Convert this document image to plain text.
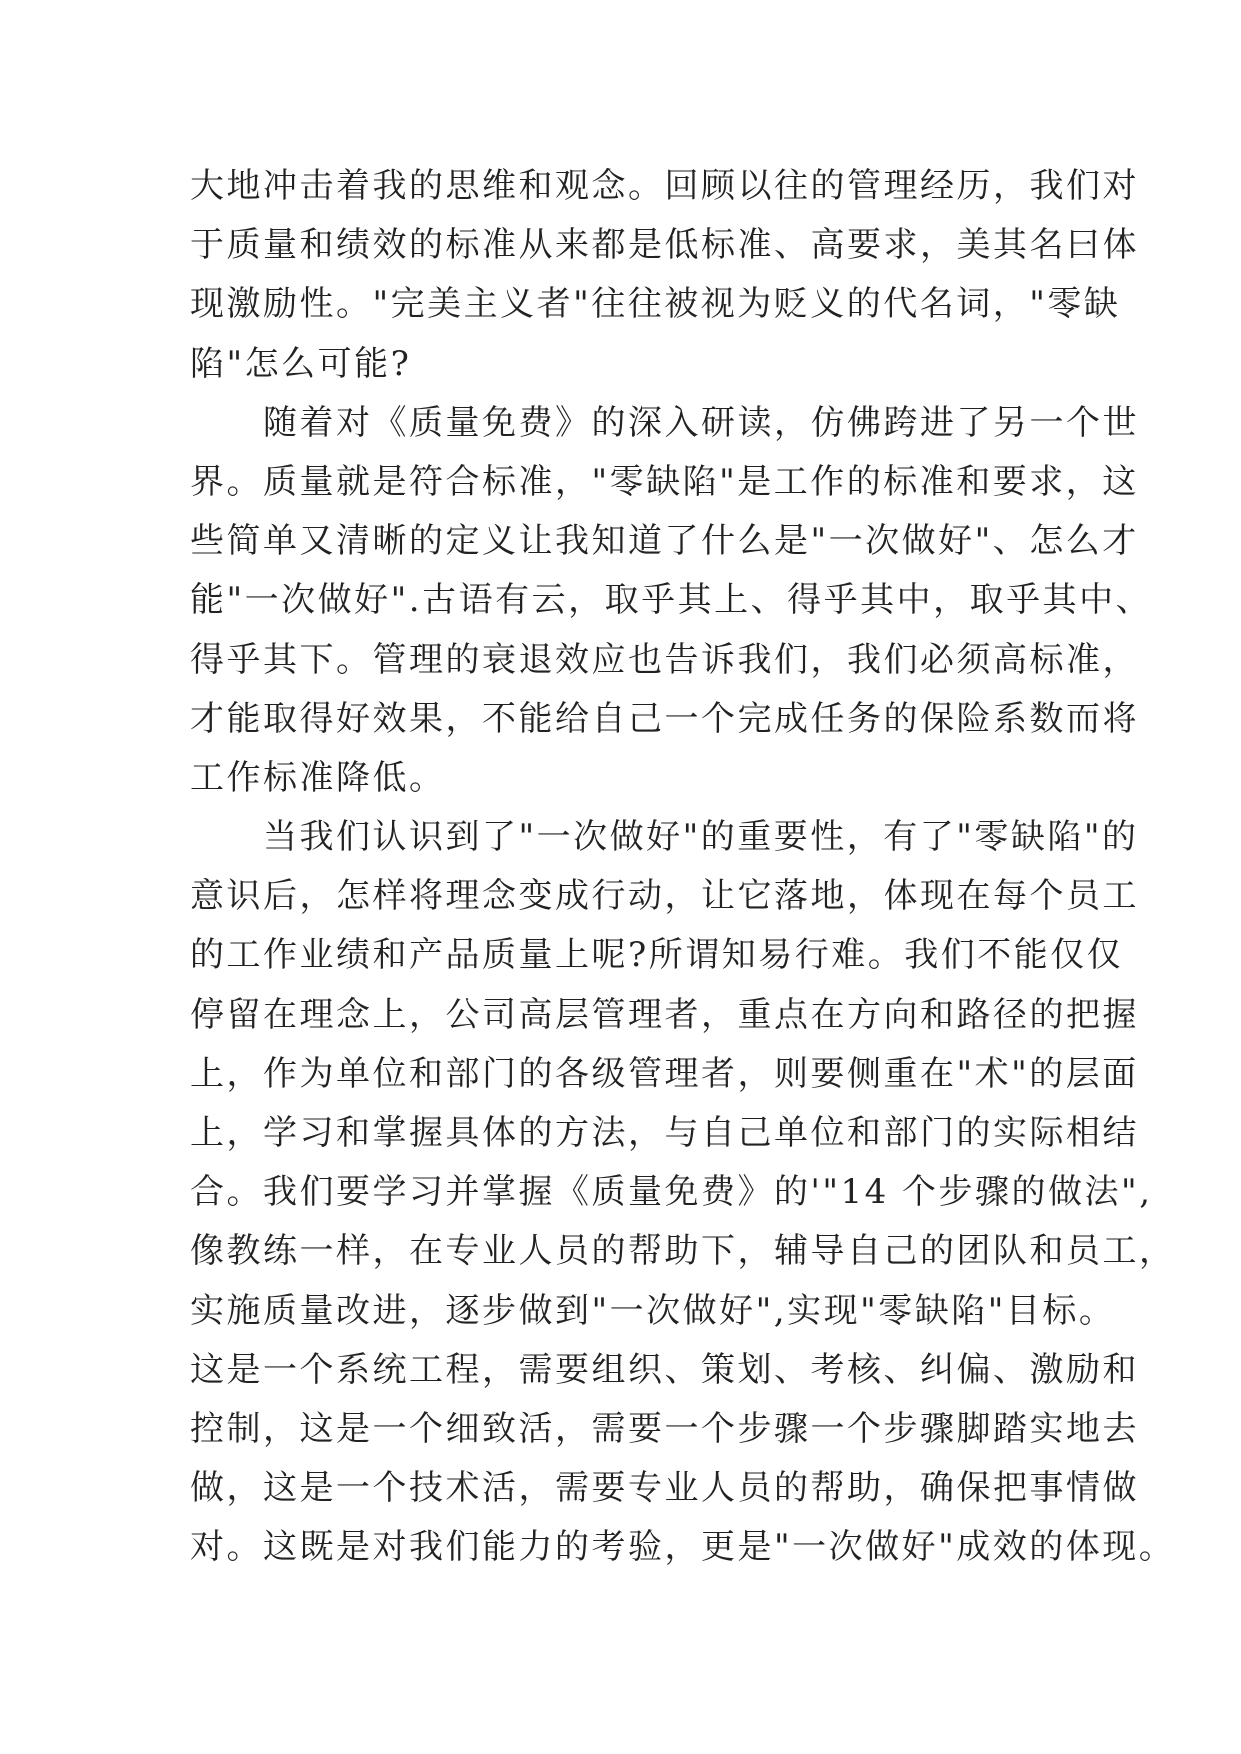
大地冲击着我的思维和观念。回顾以往的管理经历，我们对
于质量和绩效的标准从来都是低标准、高要求，美其名曰体
现激励性。"完美主义者"往往被视为贬义的代名词，"零缺
陷"怎么可能?
　　随着对《质量免费》的深入研读，仿佛跨进了另一个世
界。质量就是符合标准，"零缺陷"是工作的标准和要求，这
些简单又清晰的定义让我知道了什么是"一次做好"、怎么才
能"一次做好".古语有云，取乎其上、得乎其中，取乎其中、
得乎其下。管理的衰退效应也告诉我们，我们必须高标准，
才能取得好效果，不能给自己一个完成任务的保险系数而将
工作标准降低。
　　当我们认识到了"一次做好"的重要性，有了"零缺陷"的
意识后，怎样将理念变成行动，让它落地，体现在每个员工
的工作业绩和产品质量上呢?所谓知易行难。我们不能仅仅
停留在理念上，公司高层管理者，重点在方向和路径的把握
上，作为单位和部门的各级管理者，则要侧重在"术"的层面
上，学习和掌握具体的方法，与自己单位和部门的实际相结
合。我们要学习并掌握《质量免费》的'"14 个步骤的做法",
像教练一样，在专业人员的帮助下，辅导自己的团队和员工，
实施质量改进，逐步做到"一次做好",实现"零缺陷"目标。
这是一个系统工程，需要组织、策划、考核、纠偏、激励和
控制，这是一个细致活，需要一个步骤一个步骤脚踏实地去
做，这是一个技术活，需要专业人员的帮助，确保把事情做
对。这既是对我们能力的考验，更是"一次做好"成效的体现。
